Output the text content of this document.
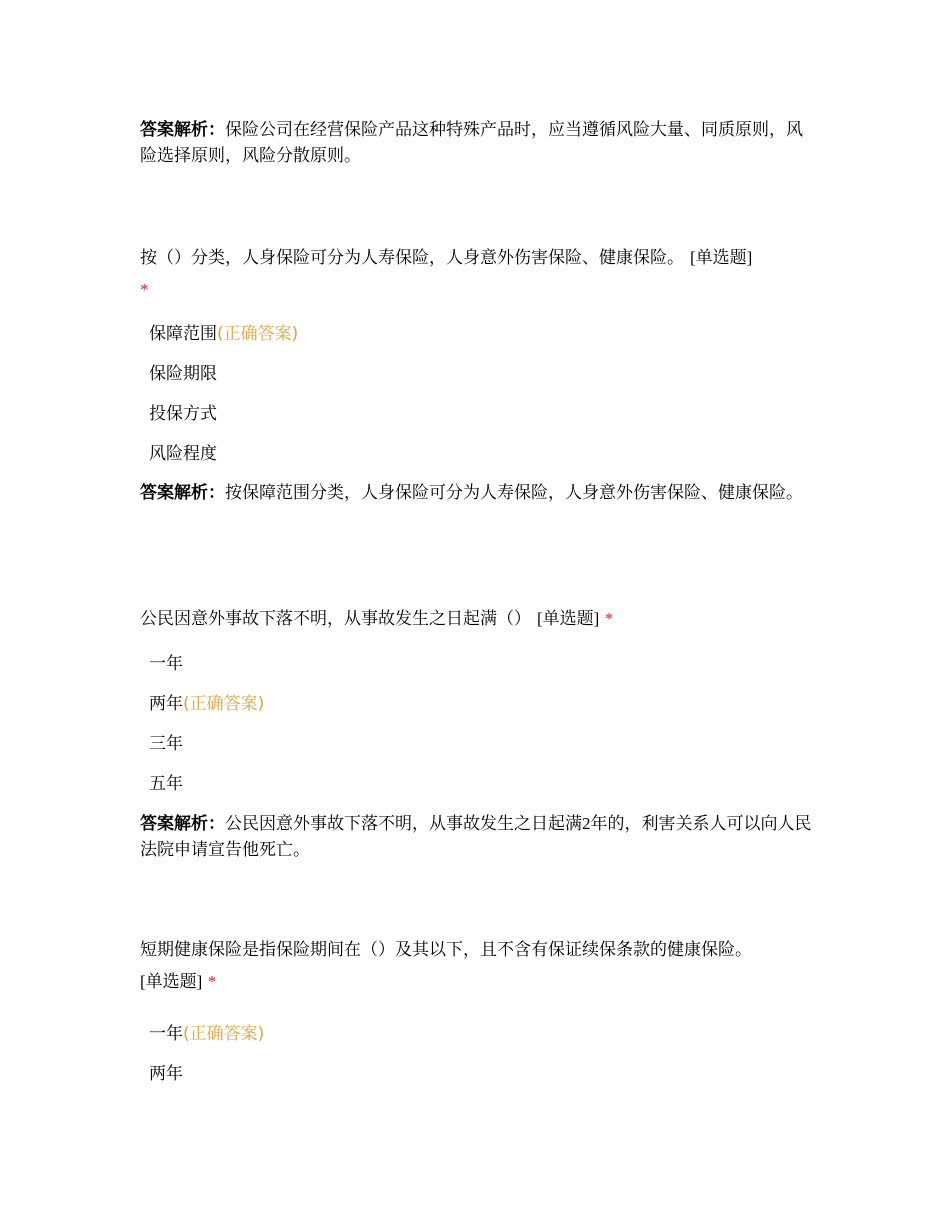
答案解析：保险公司在经营保险产品这种特殊产品时，应当遵循风险大量、同质原则，风险选择原则，风险分散原则。
按（）分类，人身保险可分为人寿保险，人身意外伤害保险、健康保险。 [单选题]
*
保障范围(正确答案)
保险期限
投保方式
风险程度
答案解析：按保障范围分类，人身保险可分为人寿保险，人身意外伤害保险、健康保险。
公民因意外事故下落不明，从事故发生之日起满（） [单选题] *
一年
两年(正确答案)
三年
五年
答案解析：公民因意外事故下落不明，从事故发生之日起满2年的，利害关系人可以向人民法院申请宣告他死亡。
短期健康保险是指保险期间在（）及其以下，且不含有保证续保条款的健康保险。
[单选题] *
一年(正确答案)
两年
